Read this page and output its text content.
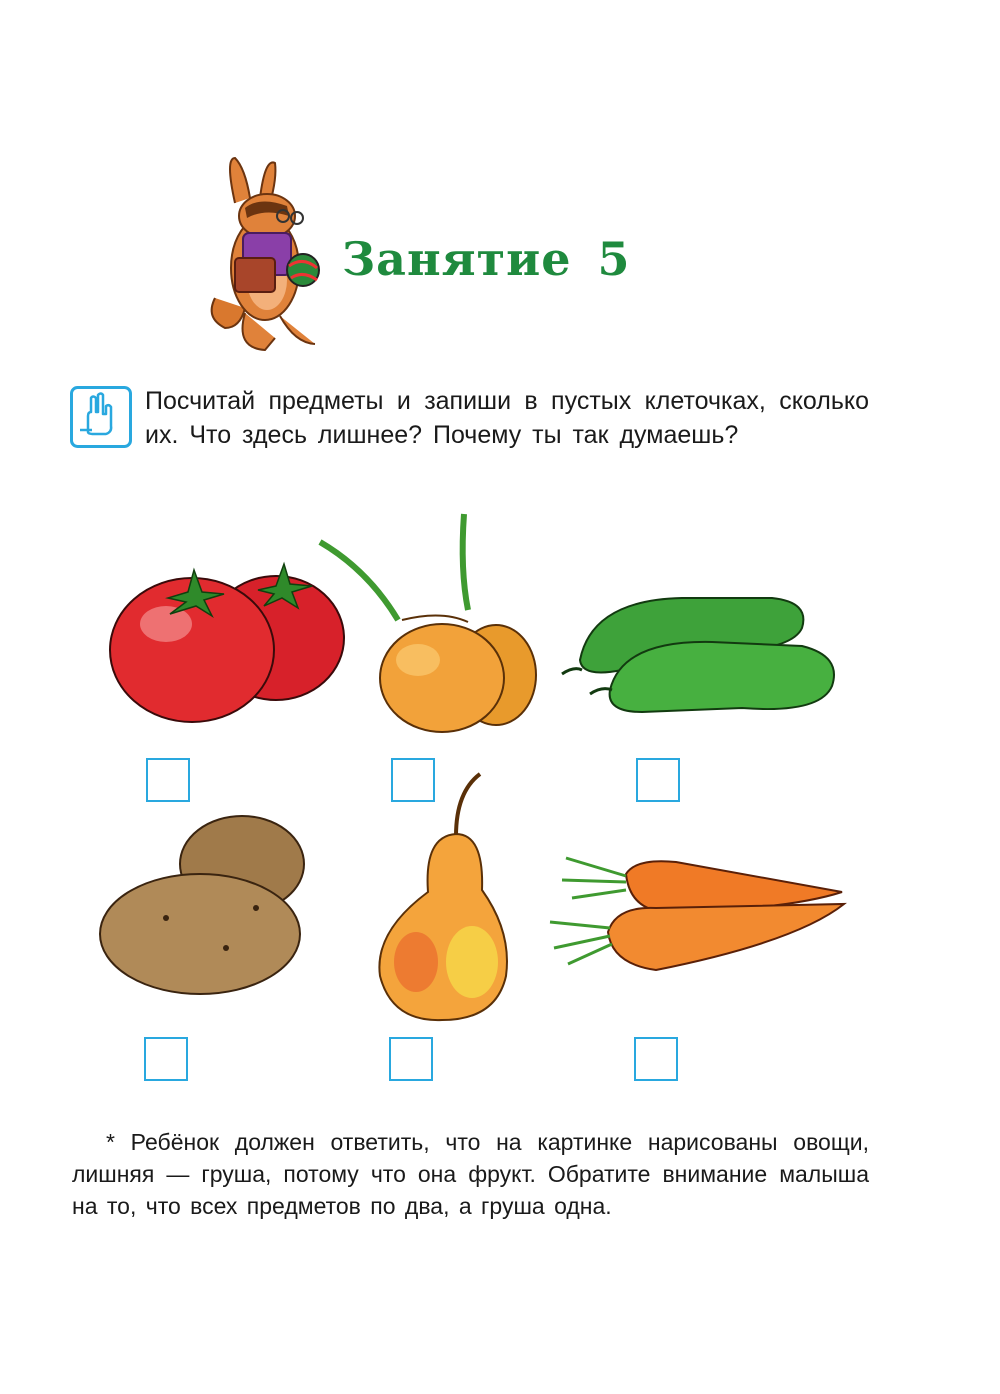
Занятие 5

Посчитай предметы и запиши в пустых клеточках, сколько их. Что здесь лишнее? Почему ты так думаешь?

* Ребёнок должен ответить, что на картинке нарисованы овощи, лишняя — груша, потому что она фрукт. Обратите внимание малыша на то, что всех предметов по два, а груша одна.
